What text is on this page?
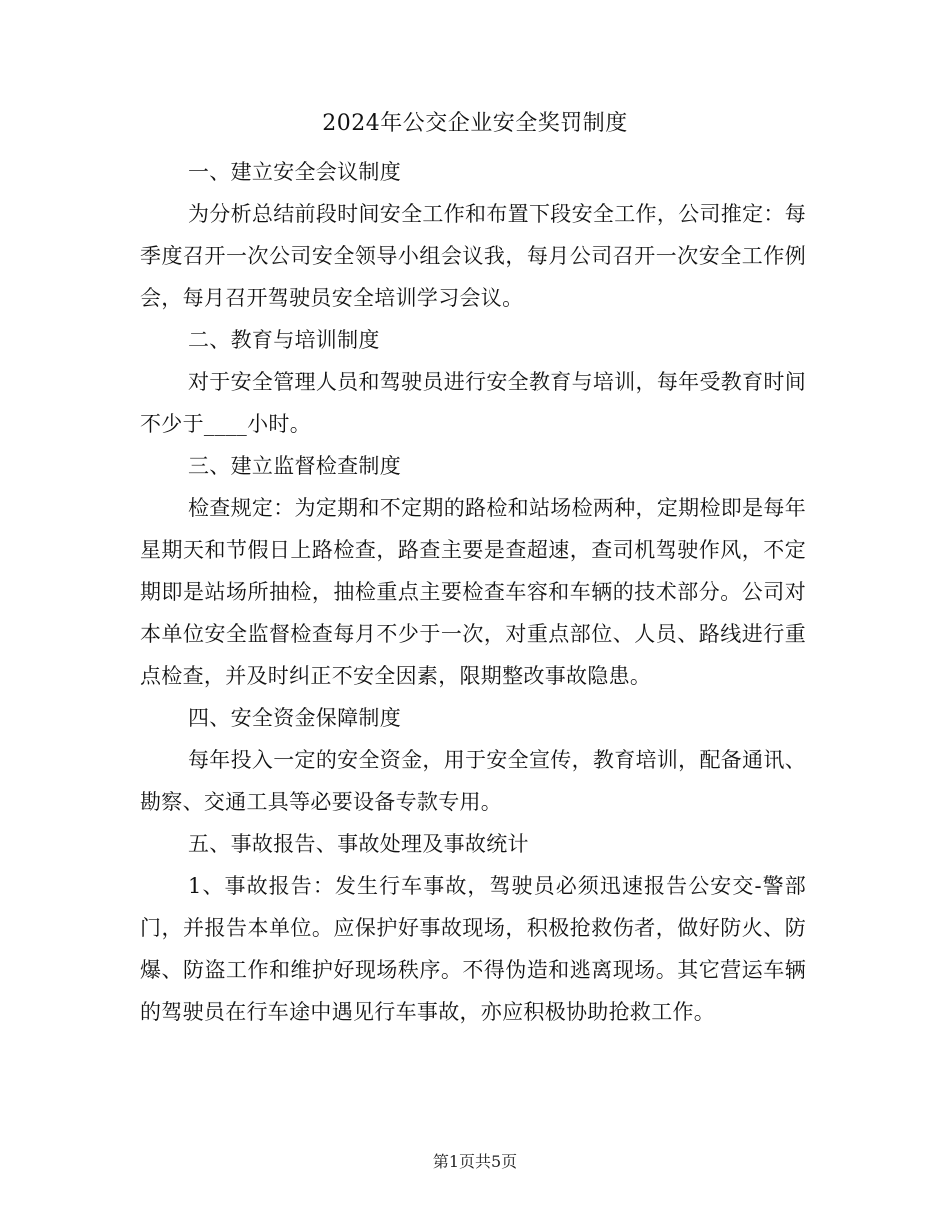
2024年公交企业安全奖罚制度

一、建立安全会议制度

为分析总结前段时间安全工作和布置下段安全工作，公司推定：每季度召开一次公司安全领导小组会议我，每月公司召开一次安全工作例会，每月召开驾驶员安全培训学习会议。

二、教育与培训制度

对于安全管理人员和驾驶员进行安全教育与培训，每年受教育时间不少于____小时。

三、建立监督检查制度

检查规定：为定期和不定期的路检和站场检两种，定期检即是每年星期天和节假日上路检查，路查主要是查超速，查司机驾驶作风，不定期即是站场所抽检，抽检重点主要检查车容和车辆的技术部分。公司对本单位安全监督检查每月不少于一次，对重点部位、人员、路线进行重点检查，并及时纠正不安全因素，限期整改事故隐患。

四、安全资金保障制度

每年投入一定的安全资金，用于安全宣传，教育培训，配备通讯、勘察、交通工具等必要设备专款专用。

五、事故报告、事故处理及事故统计

1、事故报告：发生行车事故，驾驶员必须迅速报告公安交-警部门，并报告本单位。应保护好事故现场，积极抢救伤者，做好防火、防爆、防盗工作和维护好现场秩序。不得伪造和逃离现场。其它营运车辆的驾驶员在行车途中遇见行车事故，亦应积极协助抢救工作。

第1页共5页
